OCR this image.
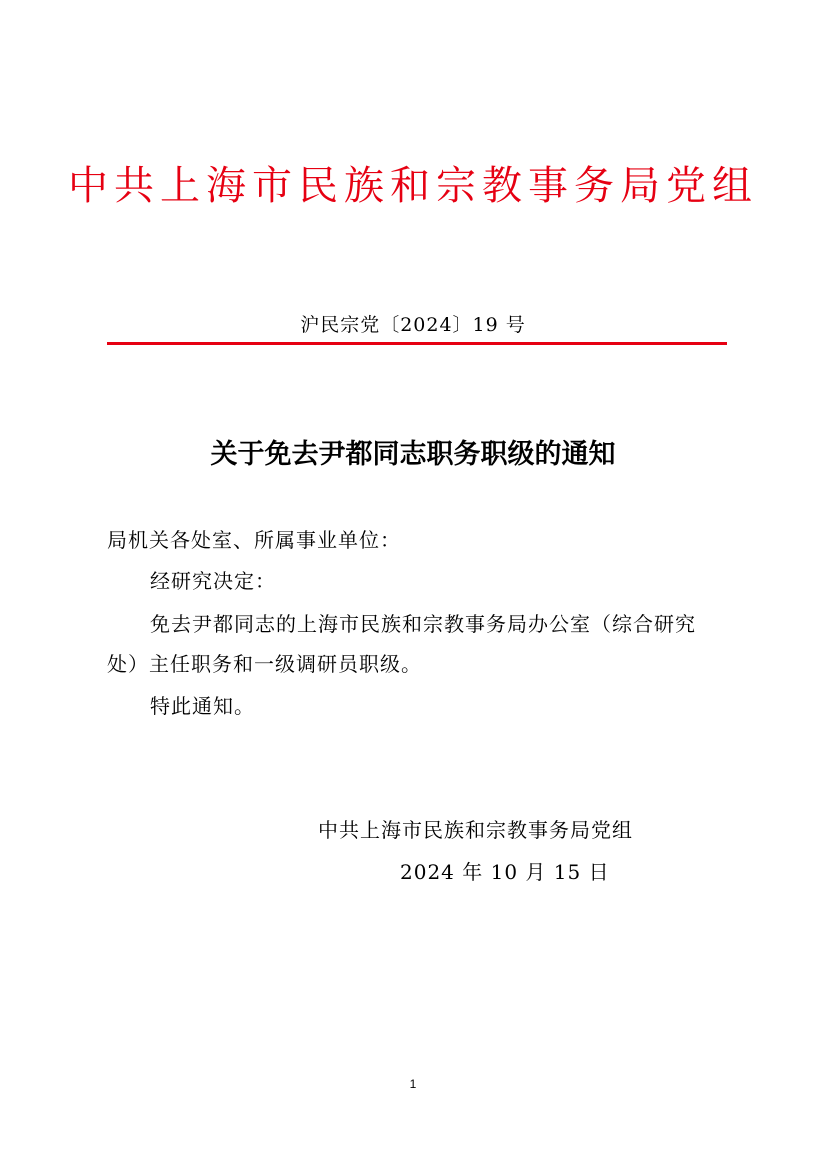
中共上海市民族和宗教事务局党组
沪民宗党〔2024〕19 号
关于免去尹都同志职务职级的通知
局机关各处室、所属事业单位：
经研究决定：
免去尹都同志的上海市民族和宗教事务局办公室（综合研究
处）主任职务和一级调研员职级。
特此通知。
中共上海市民族和宗教事务局党组
2024 年 10 月 15 日
1
